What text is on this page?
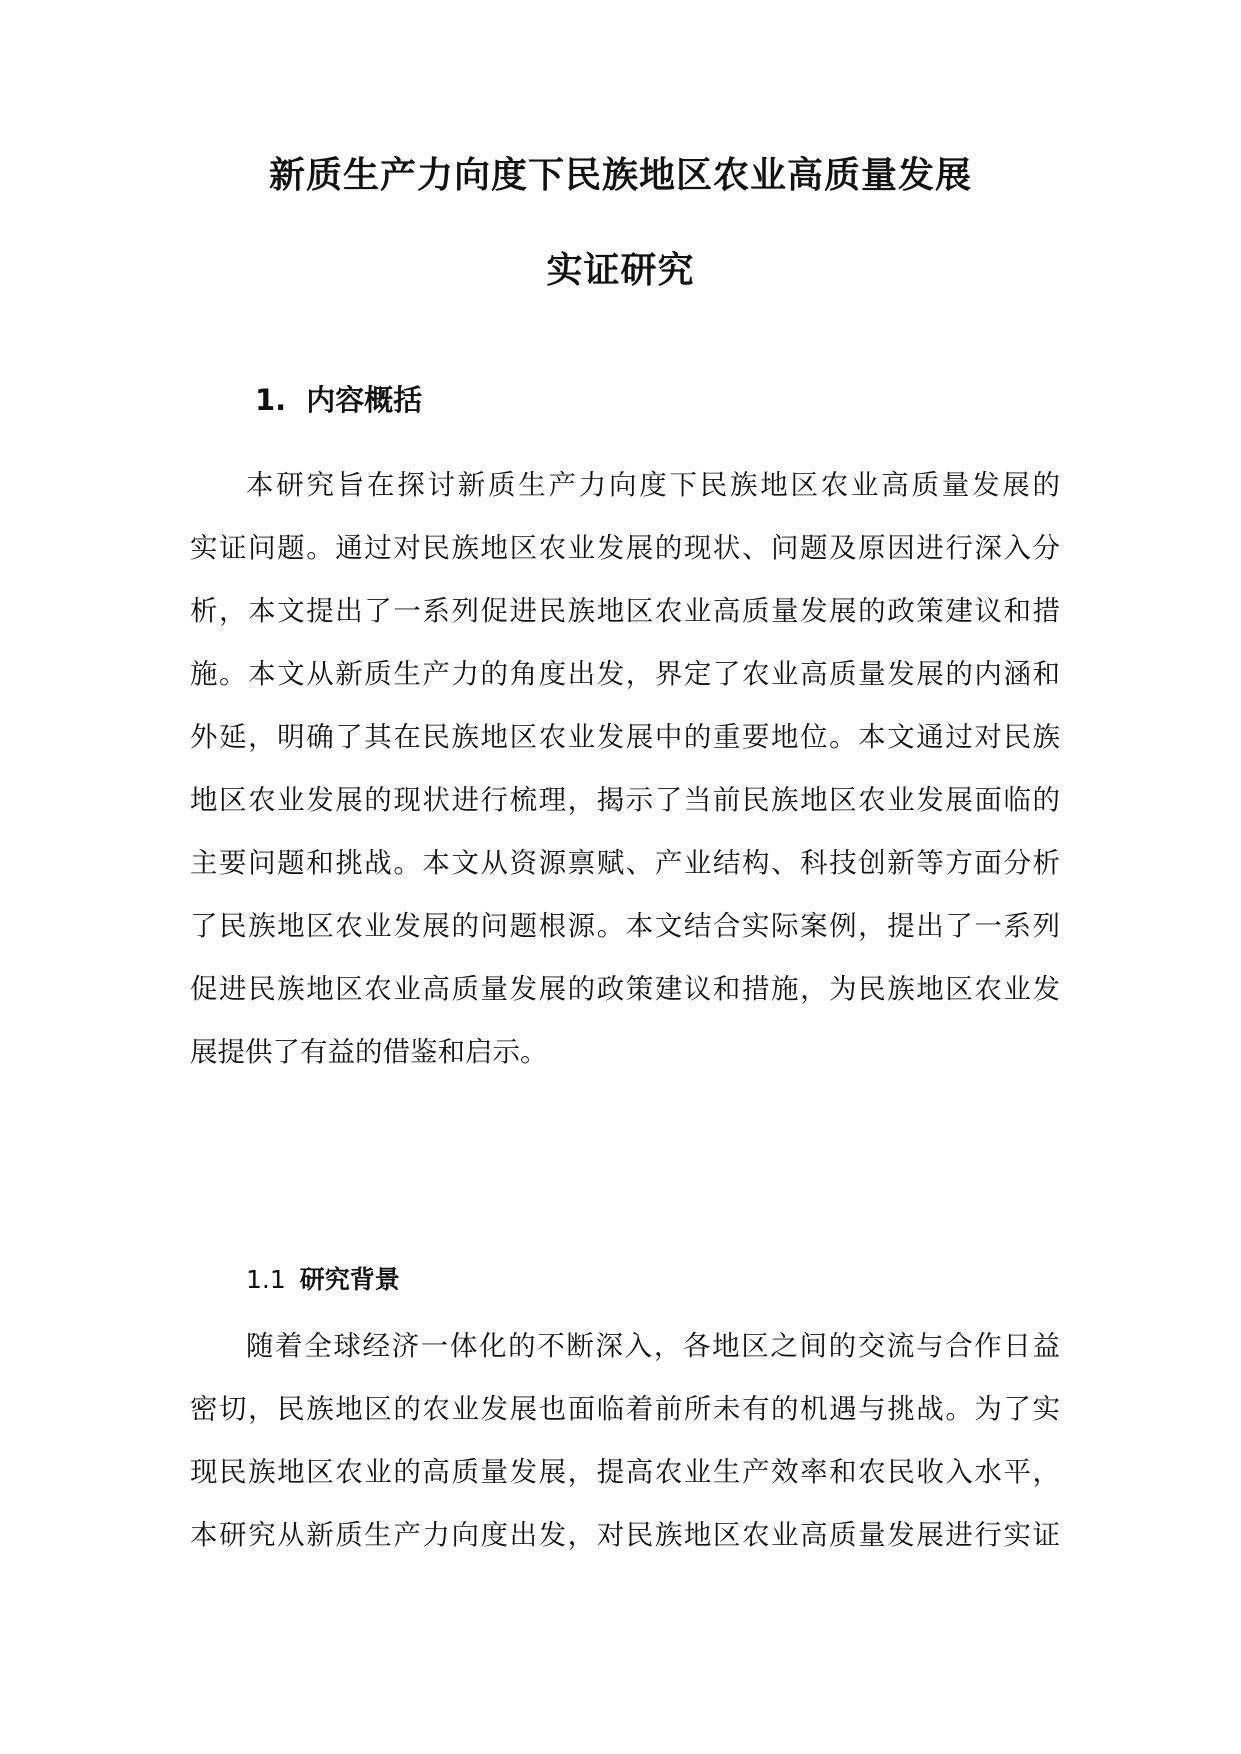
新质生产力向度下民族地区农业高质量发展
实证研究
1. 内容概括
本研究旨在探讨新质生产力向度下民族地区农业高质量发展的
实证问题。通过对民族地区农业发展的现状、问题及原因进行深入分
析，本文提出了一系列促进民族地区农业高质量发展的政策建议和措
施。本文从新质生产力的角度出发，界定了农业高质量发展的内涵和
外延，明确了其在民族地区农业发展中的重要地位。本文通过对民族
地区农业发展的现状进行梳理，揭示了当前民族地区农业发展面临的
主要问题和挑战。本文从资源禀赋、产业结构、科技创新等方面分析
了民族地区农业发展的问题根源。本文结合实际案例，提出了一系列
促进民族地区农业高质量发展的政策建议和措施，为民族地区农业发
展提供了有益的借鉴和启示。
1.1 研究背景
随着全球经济一体化的不断深入，各地区之间的交流与合作日益
密切，民族地区的农业发展也面临着前所未有的机遇与挑战。为了实
现民族地区农业的高质量发展，提高农业生产效率和农民收入水平，
本研究从新质生产力向度出发，对民族地区农业高质量发展进行实证
